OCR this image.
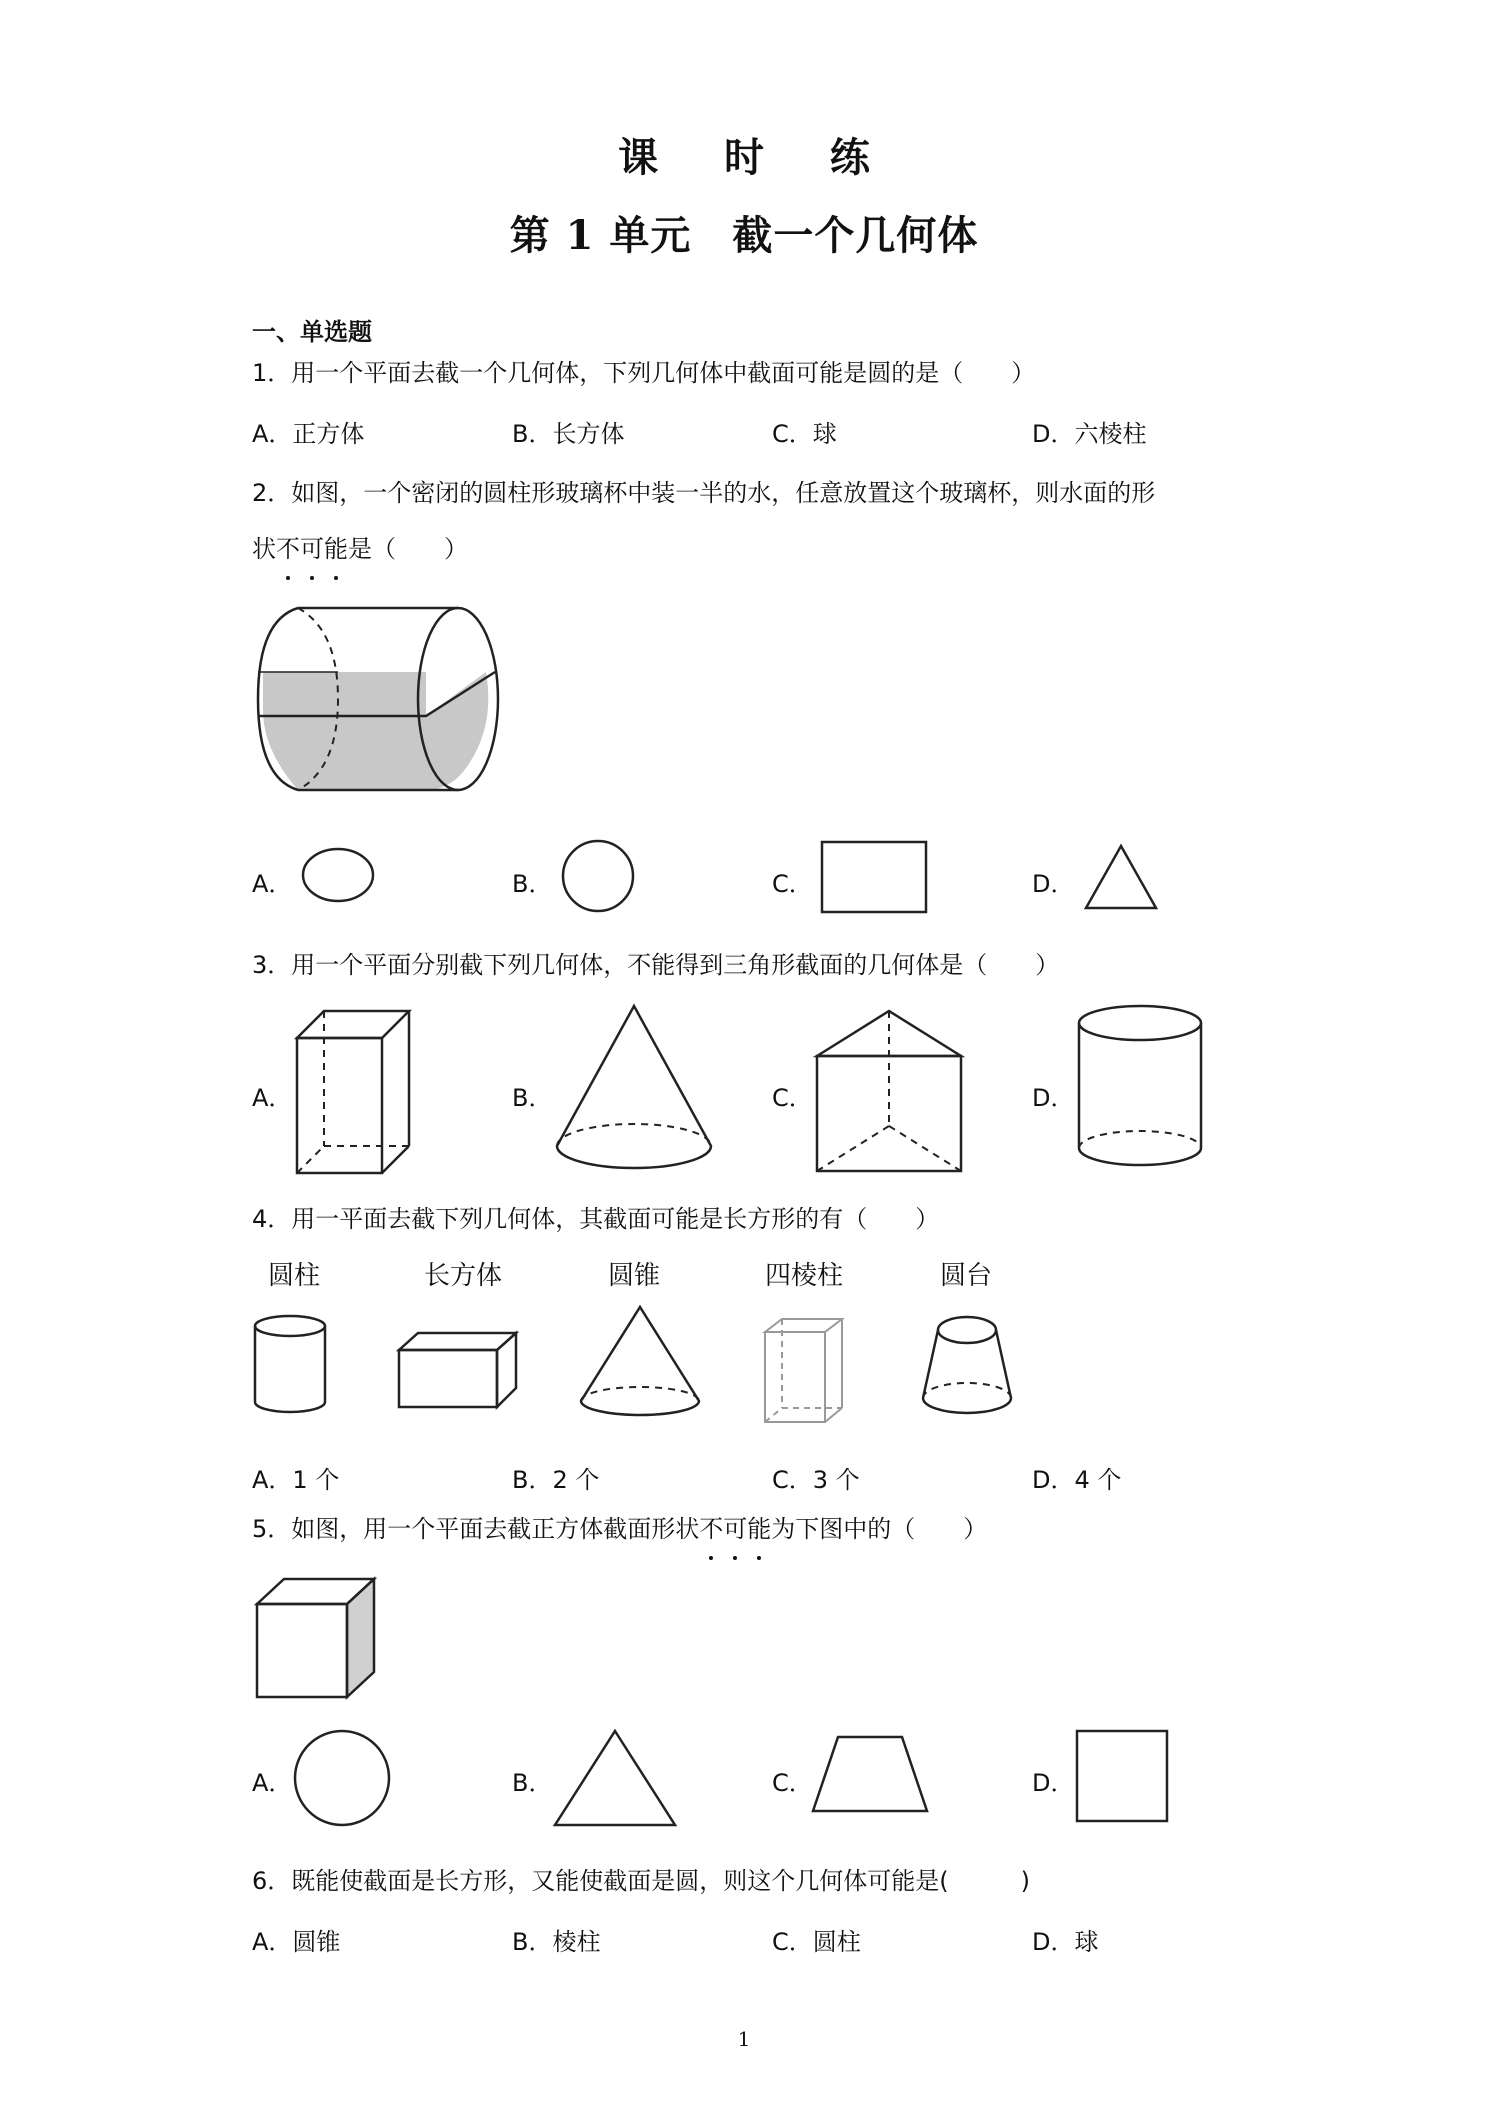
课 时 练
第 1 单元　截一个几何体
一、单选题
1．用一个平面去截一个几何体，下列几何体中截面可能是圆的是（　　）
A．正方体	B．长方体	C．球	D．六棱柱
2．如图，一个密闭的圆柱形玻璃杯中装一半的水，任意放置这个玻璃杯，则水面的形
状不可能是（　　）
A．	B．	C．	D．
3．用一个平面分别截下列几何体，不能得到三角形截面的几何体是（　　）
A．	B．	C．	D．
4．用一平面去截下列几何体，其截面可能是长方形的有（　　）
圆柱	长方体	圆锥	四棱柱	圆台
A．1 个	B．2 个	C．3 个	D．4 个
5．如图，用一个平面去截正方体截面形状不可能为下图中的（　　）
A．	B．	C．	D．
6．既能使截面是长方形，又能使截面是圆，则这个几何体可能是(　　　)
A．圆锥	B．棱柱	C．圆柱	D．球
1
